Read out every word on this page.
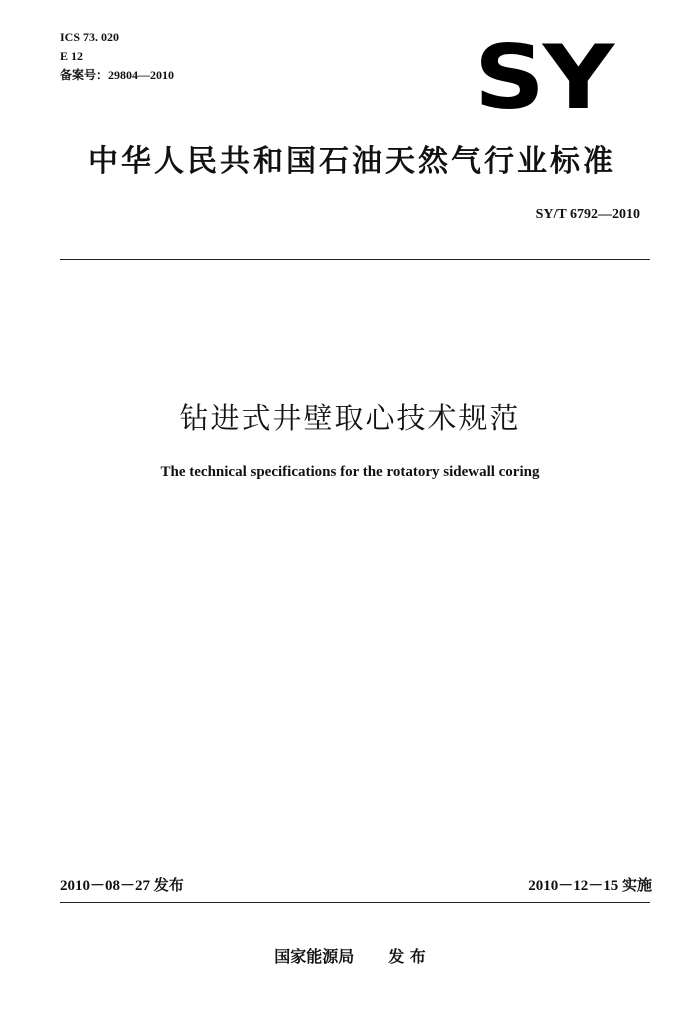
ICS 73. 020
E 12
备案号：29804—2010	SY
中华人民共和国石油天然气行业标准
SY/T 6792—2010
钻进式井壁取心技术规范
The technical specifications for the rotatory sidewall coring
2010－08－27 发布	2010－12－15 实施
国家能源局 发 布
